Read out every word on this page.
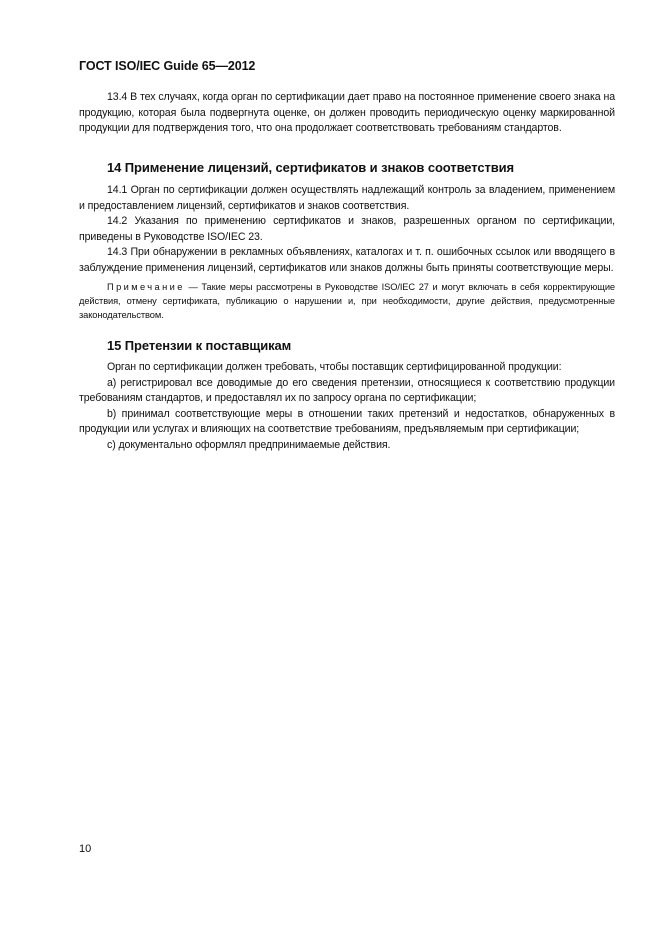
ГОСТ ISO/IEC Guide 65—2012

13.4 В тех случаях, когда орган по сертификации дает право на постоянное применение своего знака на продукцию, которая была подвергнута оценке, он должен проводить периодическую оценку маркированной продукции для подтверждения того, что она продолжает соответствовать требованиям стандартов.

14 Применение лицензий, сертификатов и знаков соответствия

14.1 Орган по сертификации должен осуществлять надлежащий контроль за владением, применением и предоставлением лицензий, сертификатов и знаков соответствия.

14.2 Указания по применению сертификатов и знаков, разрешенных органом по сертификации, приведены в Руководстве ISO/IEC 23.

14.3 При обнаружении в рекламных объявлениях, каталогах и т. п. ошибочных ссылок или вводящего в заблуждение применения лицензий, сертификатов или знаков должны быть приняты соответствующие меры.

Примечание — Такие меры рассмотрены в Руководстве ISO/IEC 27 и могут включать в себя корректирующие действия, отмену сертификата, публикацию о нарушении и, при необходимости, другие действия, предусмотренные законодательством.

15 Претензии к поставщикам

Орган по сертификации должен требовать, чтобы поставщик сертифицированной продукции:

а) регистрировал все доводимые до его сведения претензии, относящиеся к соответствию продукции требованиям стандартов, и предоставлял их по запросу органа по сертификации;

b) принимал соответствующие меры в отношении таких претензий и недостатков, обнаруженных в продукции или услугах и влияющих на соответствие требованиям, предъявляемым при сертификации;

с) документально оформлял предпринимаемые действия.

10
